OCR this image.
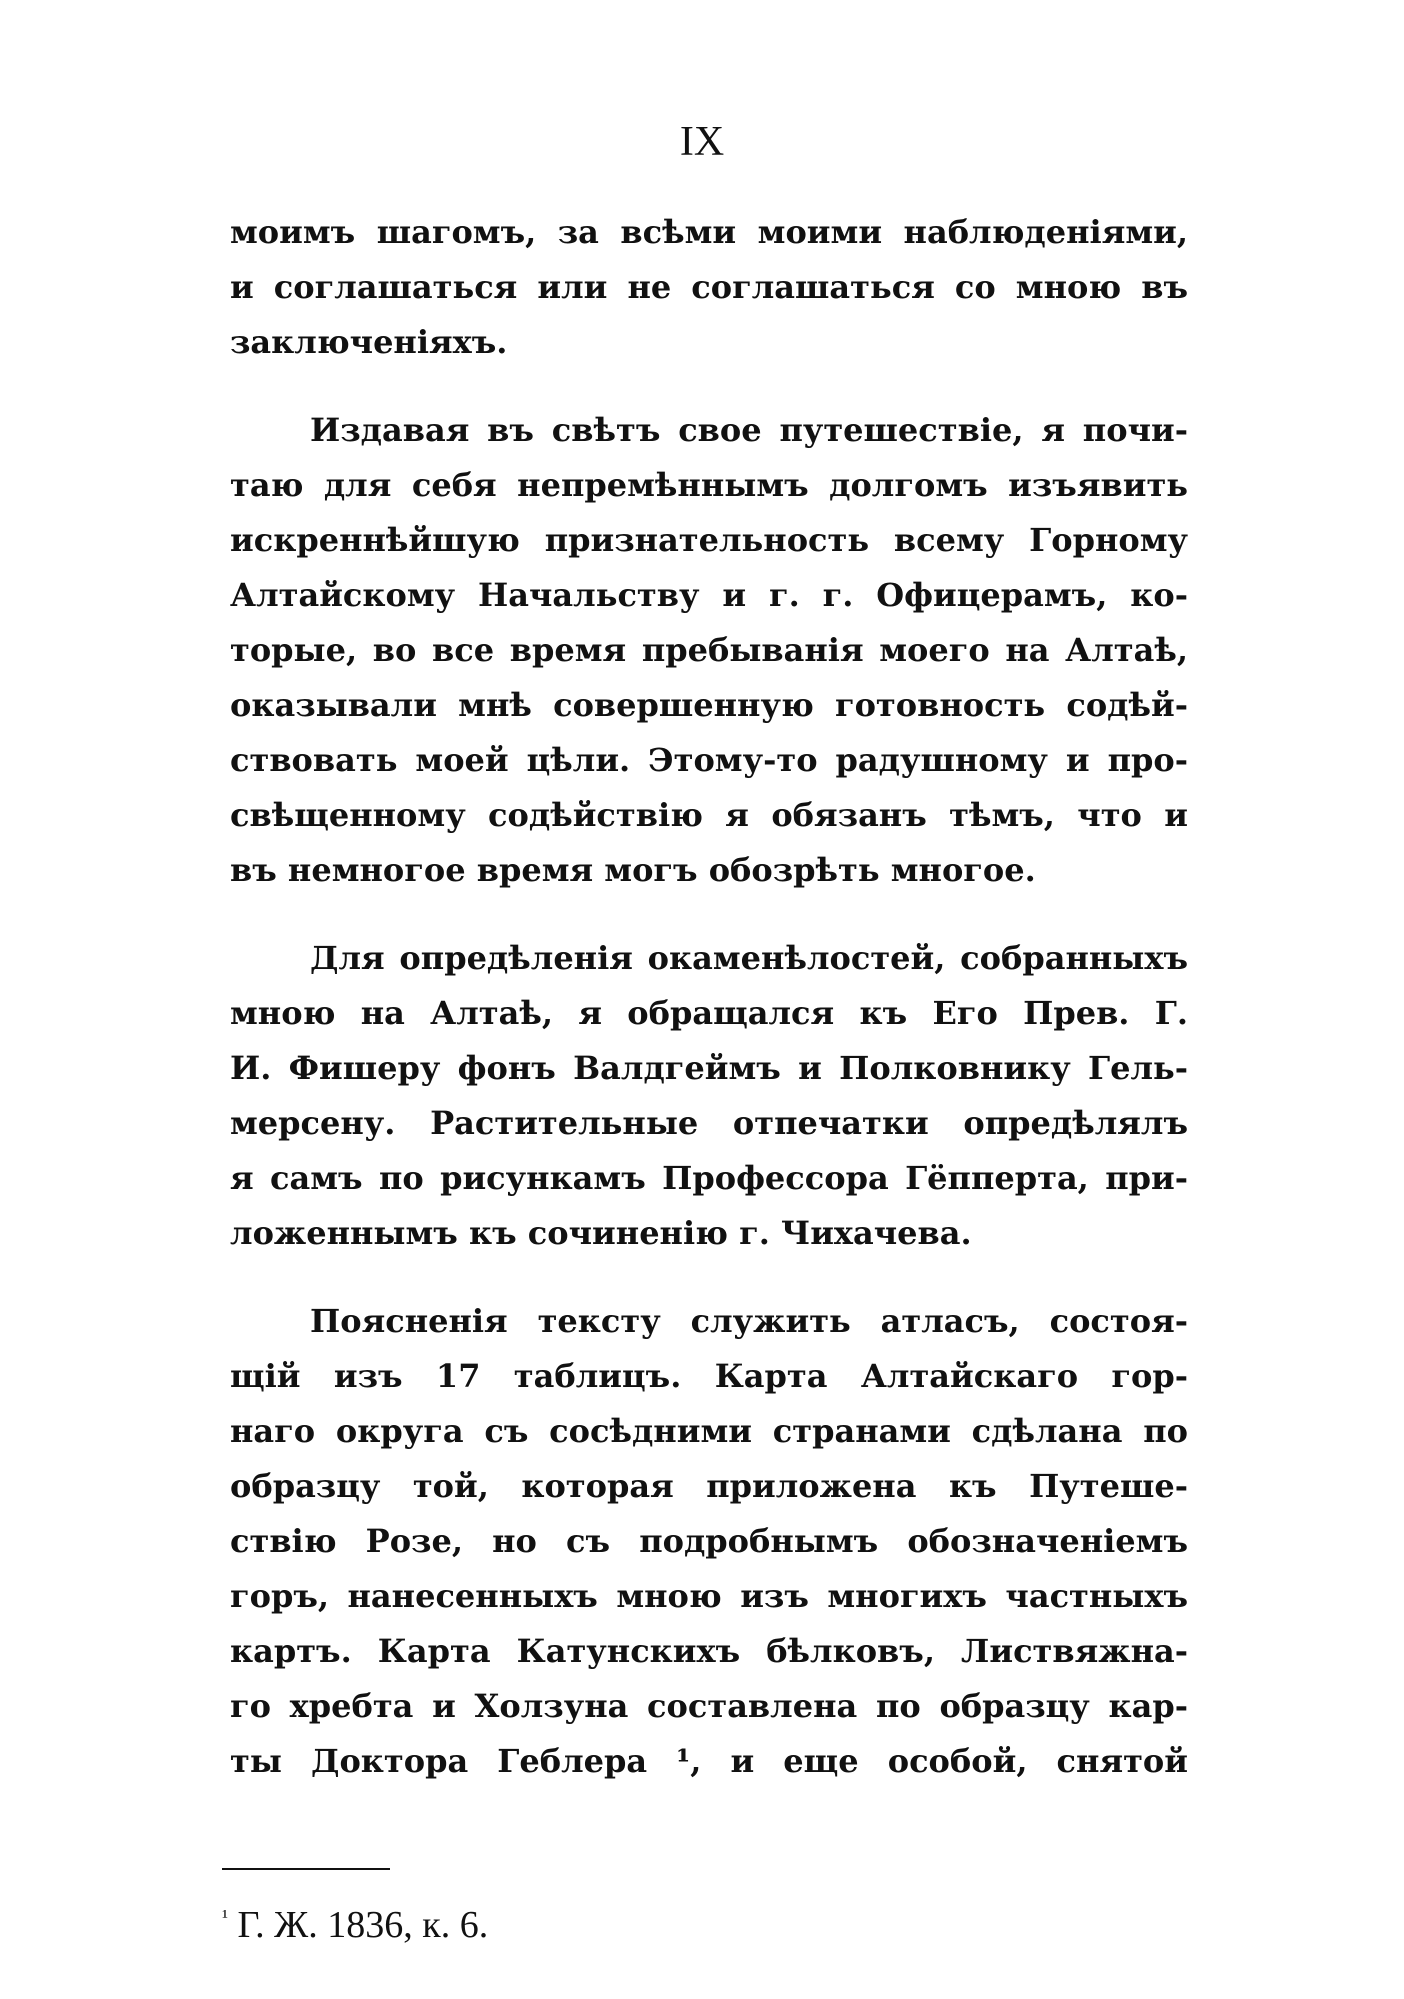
IX
моимъ шагомъ, за всѣми моими наблюденіями,
и соглашаться или не соглашаться со мною въ
заключеніяхъ.
Издавая въ свѣтъ свое путешествіе, я почи-
таю для себя непремѣннымъ долгомъ изъявить
искреннѣйшую признательность всему Горному
Алтайскому Начальству и г. г. Офицерамъ, ко-
торые, во все время пребыванія моего на Алтаѣ,
оказывали мнѣ совершенную готовность содѣй-
ствовать моей цѣли. Этому-то радушному и про-
свѣщенному содѣйствію я обязанъ тѣмъ, что и
въ немногое время могъ обозрѣть многое.
Для опредѣленія окаменѣлостей, собранныхъ
мною на Алтаѣ, я обращался къ Его Прев. Г.
И. Фишеру фонъ Валдгеймъ и Полковнику Гель-
мерсену. Растительные отпечатки опредѣлялъ
я самъ по рисункамъ Профессора Гёпперта, при-
ложеннымъ къ сочиненію г. Чихачева.
Поясненія тексту служить атласъ, состоя-
щій изъ 17 таблицъ. Карта Алтайскаго гор-
наго округа съ сосѣдними странами сдѣлана по
образцу той, которая приложена къ Путеше-
ствію Розе, но съ подробнымъ обозначеніемъ
горъ, нанесенныхъ мною изъ многихъ частныхъ
картъ. Карта Катунскихъ бѣлковъ, Листвяжна-
го хребта и Холзуна составлена по образцу кар-
ты Доктора Геблера ¹, и еще особой, снятой
$^{^1}$ Г. Ж. 1836, к. 6.
